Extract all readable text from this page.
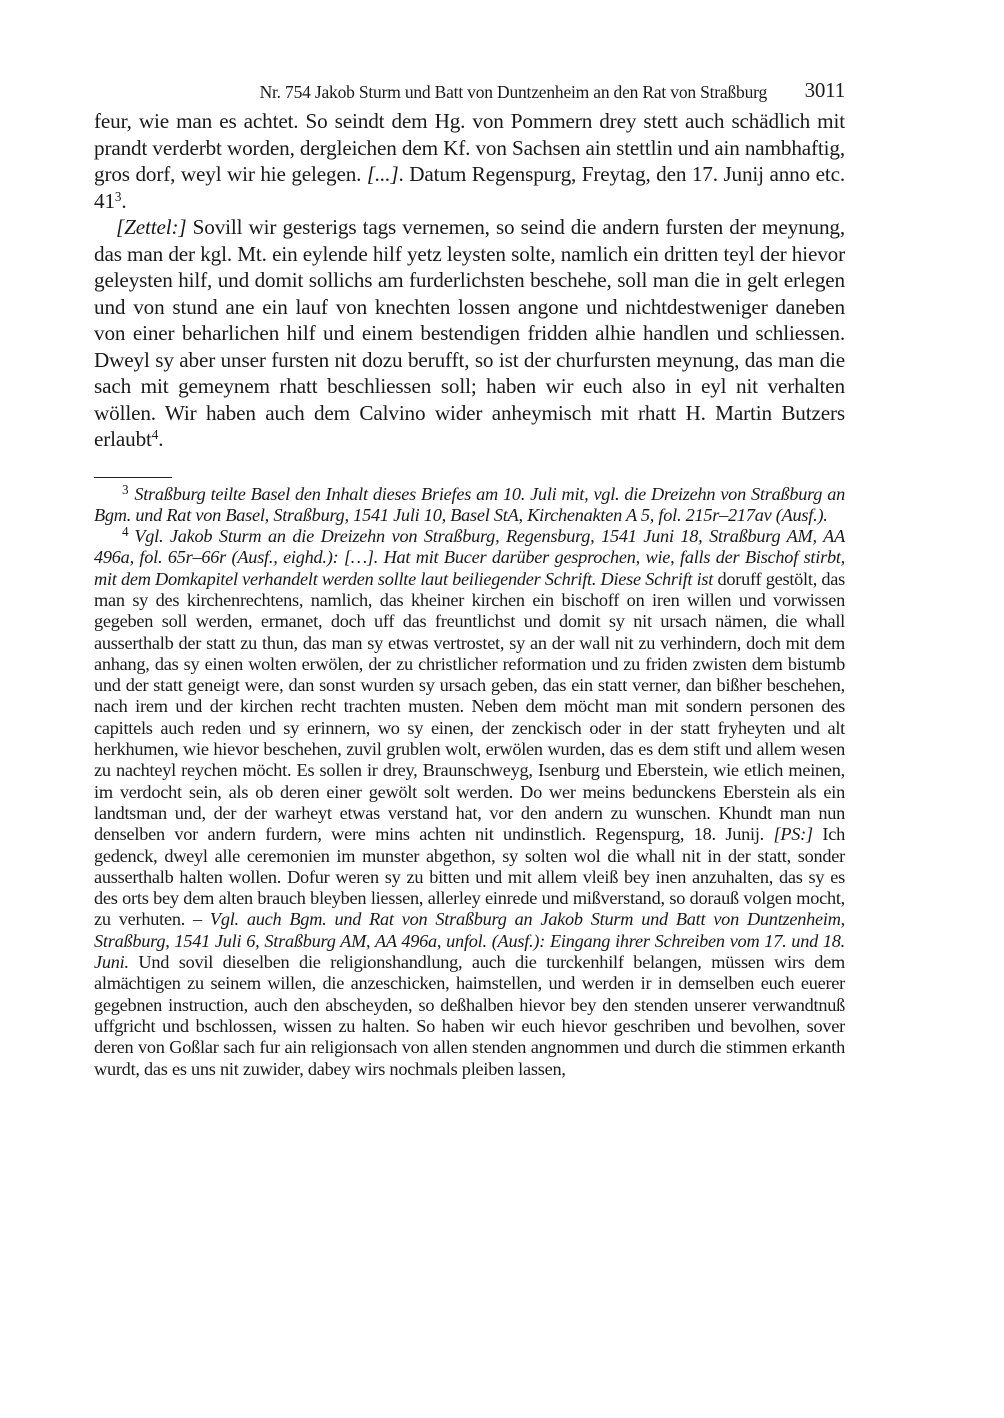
Nr. 754 Jakob Sturm und Batt von Duntzenheim an den Rat von Straßburg 3011

feur, wie man es achtet. So seindt dem Hg. von Pommern drey stett auch schädlich mit prandt verderbt worden, dergleichen dem Kf. von Sachsen ain stettlin und ain nambhaftig, gros dorf, weyl wir hie gelegen. [...]. Datum Regenspurg, Freytag, den 17. Junij anno etc. $41^3$.

[Zettel:] Sovill wir gesterigs tags vernemen, so seind die andern fursten der meynung, das man der kgl. Mt. ein eylende hilf yetz leysten solte, namlich ein dritten teyl der hievor geleysten hilf, und domit sollichs am furderlichsten beschehe, soll man die in gelt erlegen und von stund ane ein lauf von knechten lossen angone und nichtdestweniger daneben von einer beharlichen hilf und einem bestendigen fridden alhie handlen und schliessen. Dweyl sy aber unser fursten nit dozu berufft, so ist der churfursten meynung, das man die sach mit gemeynem rhatt beschliessen soll; haben wir euch also in eyl nit verhalten wöllen. Wir haben auch dem Calvino wider anheymisch mit rhatt H. Martin Butzers erlaubt$^4$.

$^3$ Straßburg teilte Basel den Inhalt dieses Briefes am 10. Juli mit, vgl. die Dreizehn von Straßburg an Bgm. und Rat von Basel, Straßburg, 1541 Juli 10, Basel StA, Kirchenakten A 5, fol. 215r–217av (Ausf.).

$^4$ Vgl. Jakob Sturm an die Dreizehn von Straßburg, Regensburg, 1541 Juni 18, Straßburg AM, AA 496a, fol. 65r–66r (Ausf., eighd.): […]. Hat mit Bucer darüber gesprochen, wie, falls der Bischof stirbt, mit dem Domkapitel verhandelt werden sollte laut beiliegender Schrift. Diese Schrift ist doruff gestölt, das man sy des kirchenrechtens, namlich, das kheiner kirchen ein bischoff on iren willen und vorwissen gegeben soll werden, ermanet, doch uff das freuntlichst und domit sy nit ursach nämen, die whall ausserthalb der statt zu thun, das man sy etwas vertrostet, sy an der wall nit zu verhindern, doch mit dem anhang, das sy einen wolten erwölen, der zu christlicher reformation und zu friden zwisten dem bistumb und der statt geneigt were, dan sonst wurden sy ursach geben, das ein statt verner, dan bißher beschehen, nach irem und der kirchen recht trachten musten. Neben dem möcht man mit sondern personen des capittels auch reden und sy erinnern, wo sy einen, der zenckisch oder in der statt fryheyten und alt herkhumen, wie hievor beschehen, zuvil grublen wolt, erwölen wurden, das es dem stift und allem wesen zu nachteyl reychen möcht. Es sollen ir drey, Braunschweyg, Isenburg und Eberstein, wie etlich meinen, im verdocht sein, als ob deren einer gewölt solt werden. Do wer meins bedunckens Eberstein als ein landtsman und, der der warheyt etwas verstand hat, vor den andern zu wunschen. Khundt man nun denselben vor andern furdern, were mins achten nit undinstlich. Regenspurg, 18. Junij. [PS:] Ich gedenck, dweyl alle ceremonien im munster abgethon, sy solten wol die whall nit in der statt, sonder ausserthalb halten wollen. Dofur weren sy zu bitten und mit allem vleiß bey inen anzuhalten, das sy es des orts bey dem alten brauch bleyben liessen, allerley einrede und mißverstand, so dorauß volgen mocht, zu verhuten. – Vgl. auch Bgm. und Rat von Straßburg an Jakob Sturm und Batt von Duntzenheim, Straßburg, 1541 Juli 6, Straßburg AM, AA 496a, unfol. (Ausf.): Eingang ihrer Schreiben vom 17. und 18. Juni. Und sovil dieselben die religionshandlung, auch die turckenhilf belangen, müssen wirs dem almächtigen zu seinem willen, die anzeschicken, haimstellen, und werden ir in demselben euch euerer gegebnen instruction, auch den abscheyden, so deßhalben hievor bey den stenden unserer verwandtnuß uffgricht und bschlossen, wissen zu halten. So haben wir euch hievor geschriben und bevolhen, sover deren von Goßlar sach fur ain religionsach von allen stenden angnommen und durch die stimmen erkanth wurdt, das es uns nit zuwider, dabey wirs nochmals pleiben lassen,
